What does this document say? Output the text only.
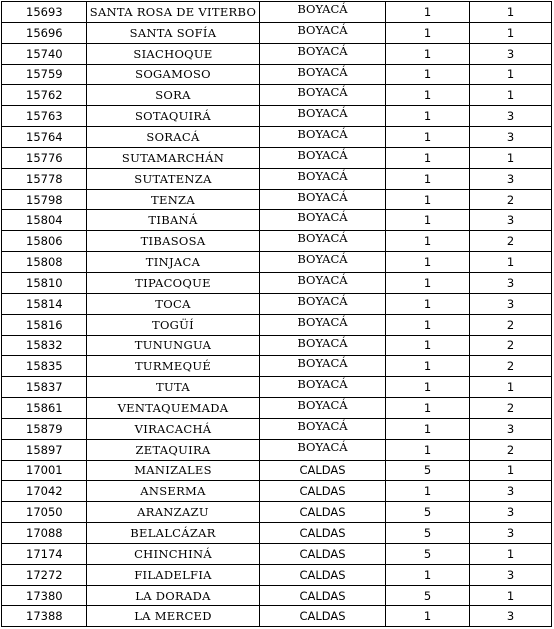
15693	SANTA ROSA DE VITERBO	BOYACÁ	1	1
15696	SANTA SOFÍA	BOYACÁ	1	1
15740	SIACHOQUE	BOYACÁ	1	3
15759	SOGAMOSO	BOYACÁ	1	1
15762	SORA	BOYACÁ	1	1
15763	SOTAQUIRÁ	BOYACÁ	1	3
15764	SORACÁ	BOYACÁ	1	3
15776	SUTAMARCHÁN	BOYACÁ	1	1
15778	SUTATENZA	BOYACÁ	1	3
15798	TENZA	BOYACÁ	1	2
15804	TIBANÁ	BOYACÁ	1	3
15806	TIBASOSA	BOYACÁ	1	2
15808	TINJACA	BOYACÁ	1	1
15810	TIPACOQUE	BOYACÁ	1	3
15814	TOCA	BOYACÁ	1	3
15816	TOGÜÍ	BOYACÁ	1	2
15832	TUNUNGUA	BOYACÁ	1	2
15835	TURMEQUÉ	BOYACÁ	1	2
15837	TUTA	BOYACÁ	1	1
15861	VENTAQUEMADA	BOYACÁ	1	2
15879	VIRACACHÁ	BOYACÁ	1	3
15897	ZETAQUIRA	BOYACÁ	1	2
17001	MANIZALES	CALDAS	5	1
17042	ANSERMA	CALDAS	1	3
17050	ARANZAZU	CALDAS	5	3
17088	BELALCÁZAR	CALDAS	5	3
17174	CHINCHINÁ	CALDAS	5	1
17272	FILADELFIA	CALDAS	1	3
17380	LA DORADA	CALDAS	5	1
17388	LA MERCED	CALDAS	1	3
